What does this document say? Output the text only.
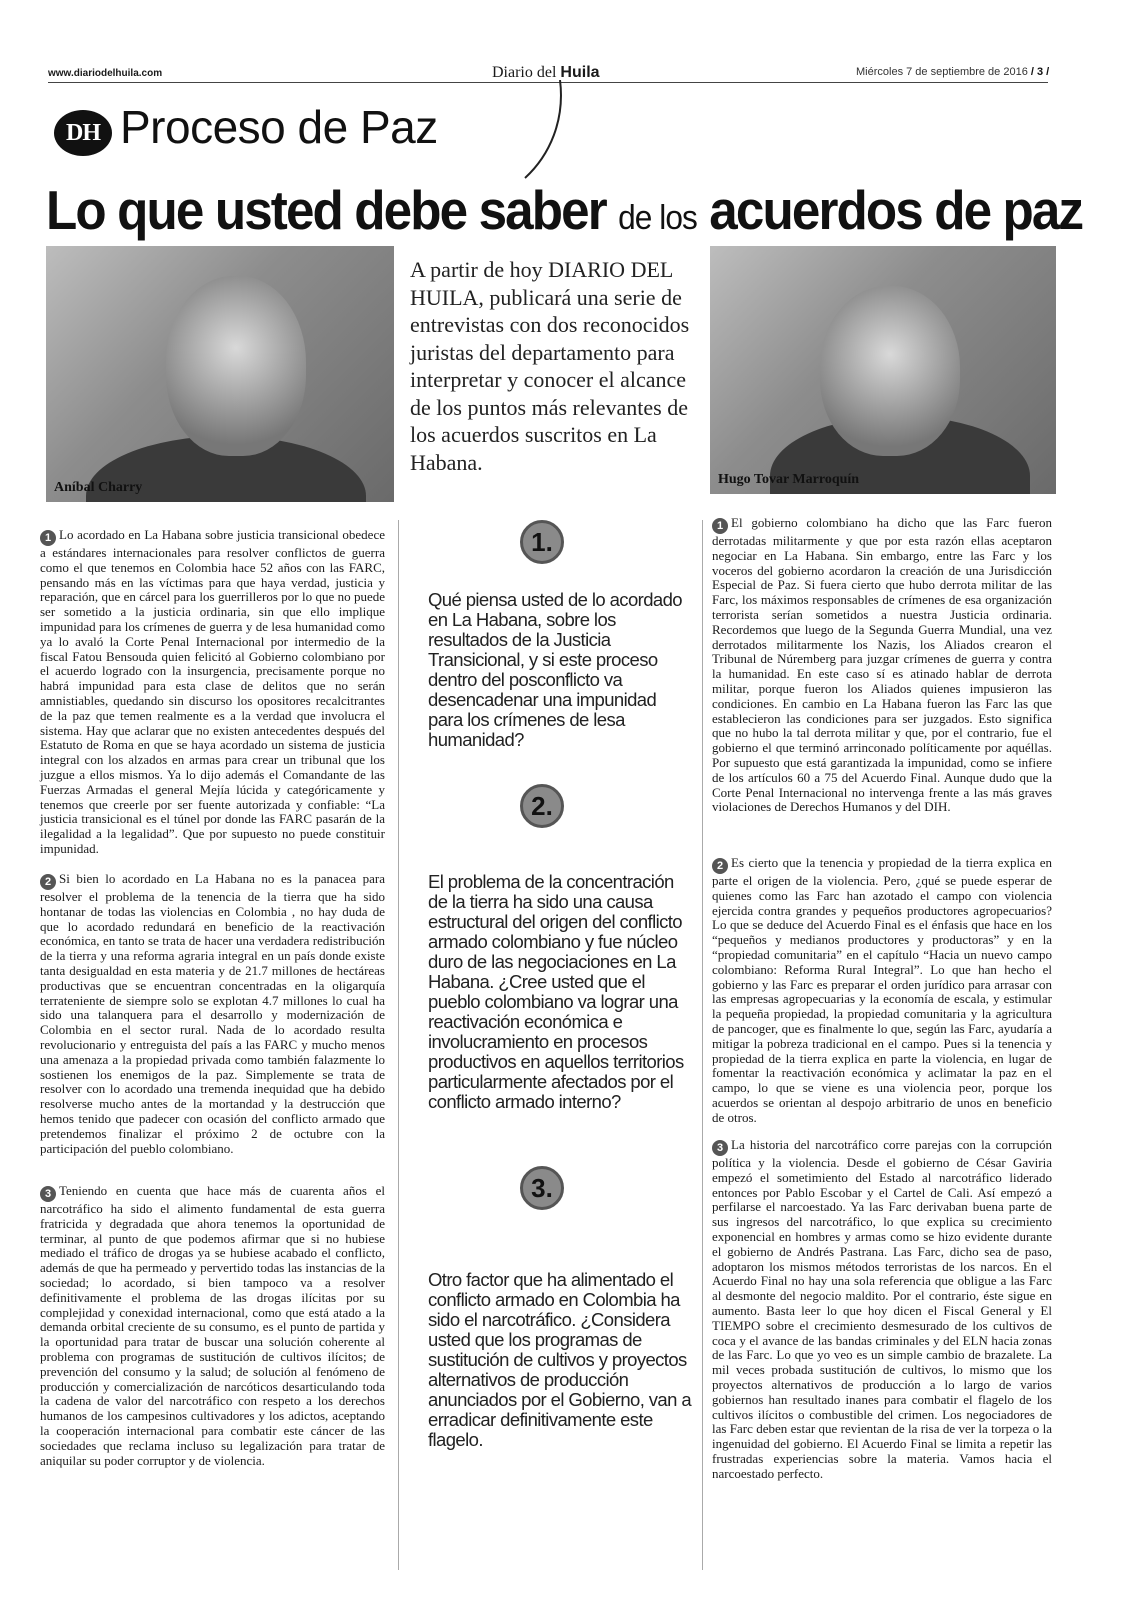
www.diariodelhuila.com	Diario del Huila	Miércoles 7 de septiembre de 2016 / 3 /
DH Proceso de Paz
Lo que usted debe saber de los acuerdos de paz
Aníbal Charry
Hugo Tovar Marroquín
A partir de hoy DIARIO DEL HUILA, publicará una serie de entrevistas con dos reconocidos juristas del departamento para interpretar y conocer el alcance de los puntos más relevantes de los acuerdos suscritos en La Habana.
1 Lo acordado en La Habana sobre justicia transicional obedece a estándares internacionales para resolver conflictos de guerra como el que tenemos en Colombia hace 52 años con las FARC, pensando más en las víctimas para que haya verdad, justicia y reparación, que en cárcel para los guerrilleros por lo que no puede ser sometido a la justicia ordinaria, sin que ello implique impunidad para los crímenes de guerra y de lesa humanidad como ya lo avaló la Corte Penal Internacional por intermedio de la fiscal Fatou Bensouda quien felicitó al Gobierno colombiano por el acuerdo logrado con la insurgencia, precisamente porque no habrá impunidad para esta clase de delitos que no serán amnistiables, quedando sin discurso los opositores recalcitrantes de la paz que temen realmente es a la verdad que involucra el sistema. Hay que aclarar que no existen antecedentes después del Estatuto de Roma en que se haya acordado un sistema de justicia integral con los alzados en armas para crear un tribunal que los juzgue a ellos mismos. Ya lo dijo además el Comandante de las Fuerzas Armadas el general Mejía lúcida y categóricamente y tenemos que creerle por ser fuente autorizada y confiable: “La justicia transicional es el túnel por donde las FARC pasarán de la ilegalidad a la legalidad”. Que por supuesto no puede constituir impunidad.
2 Si bien lo acordado en La Habana no es la panacea para resolver el problema de la tenencia de la tierra que ha sido hontanar de todas las violencias en Colombia , no hay duda de que lo acordado redundará en beneficio de la reactivación económica, en tanto se trata de hacer una verdadera redistribución de la tierra y una reforma agraria integral en un país donde existe tanta desigualdad en esta materia y de 21.7 millones de hectáreas productivas que se encuentran concentradas en la oligarquía terrateniente de siempre solo se explotan 4.7 millones lo cual ha sido una talanquera para el desarrollo y modernización de Colombia en el sector rural. Nada de lo acordado resulta revolucionario y entreguista del país a las FARC y mucho menos una amenaza a la propiedad privada como también falazmente lo sostienen los enemigos de la paz. Simplemente se trata de resolver con lo acordado una tremenda inequidad que ha debido resolverse mucho antes de la mortandad y la destrucción que hemos tenido que padecer con ocasión del conflicto armado que pretendemos finalizar el próximo 2 de octubre con la participación del pueblo colombiano.
3 Teniendo en cuenta que hace más de cuarenta años el narcotráfico ha sido el alimento fundamental de esta guerra fratricida y degradada que ahora tenemos la oportunidad de terminar, al punto de que podemos afirmar que si no hubiese mediado el tráfico de drogas ya se hubiese acabado el conflicto, además de que ha permeado y pervertido todas las instancias de la sociedad; lo acordado, si bien tampoco va a resolver definitivamente el problema de las drogas ilícitas por su complejidad y conexidad internacional, como que está atado a la demanda orbital creciente de su consumo, es el punto de partida y la oportunidad para tratar de buscar una solución coherente al problema con programas de sustitución de cultivos ilícitos; de prevención del consumo y la salud; de solución al fenómeno de producción y comercialización de narcóticos desarticulando toda la cadena de valor del narcotráfico con respeto a los derechos humanos de los campesinos cultivadores y los adictos, aceptando la cooperación internacional para combatir este cáncer de las sociedades que reclama incluso su legalización para tratar de aniquilar su poder corruptor y de violencia.
1.
Qué piensa usted de lo acordado en La Habana, sobre los resultados de la Justicia Transicional, y si este proceso dentro del posconflicto va desencadenar una impunidad para los crímenes de lesa humanidad?
2.
El problema de la concentración de la tierra ha sido una causa estructural del origen del conflicto armado colombiano y fue núcleo duro de las negociaciones en La Habana. ¿Cree usted que el pueblo colombiano va lograr una reactivación económica e involucramiento en procesos productivos en aquellos territorios particularmente afectados por el conflicto armado interno?
3.
Otro factor que ha alimentado el conflicto armado en Colombia ha sido el narcotráfico. ¿Considera usted que los programas de sustitución de cultivos y proyectos alternativos de producción anunciados por el Gobierno, van a erradicar definitivamente este flagelo.
1 El gobierno colombiano ha dicho que las Farc fueron derrotadas militarmente y que por esta razón ellas aceptaron negociar en La Habana. Sin embargo, entre las Farc y los voceros del gobierno acordaron la creación de una Jurisdicción Especial de Paz. Si fuera cierto que hubo derrota militar de las Farc, los máximos responsables de crímenes de esa organización terrorista serían sometidos a nuestra Justicia ordinaria. Recordemos que luego de la Segunda Guerra Mundial, una vez derrotados militarmente los Nazis, los Aliados crearon el Tribunal de Núremberg para juzgar crímenes de guerra y contra la humanidad. En este caso sí es atinado hablar de derrota militar, porque fueron los Aliados quienes impusieron las condiciones. En cambio en La Habana fueron las Farc las que establecieron las condiciones para ser juzgados. Esto significa que no hubo la tal derrota militar y que, por el contrario, fue el gobierno el que terminó arrinconado políticamente por aquéllas. Por supuesto que está garantizada la impunidad, como se infiere de los artículos 60 a 75 del Acuerdo Final. Aunque dudo que la Corte Penal Internacional no intervenga frente a las más graves violaciones de Derechos Humanos y del DIH.
2 Es cierto que la tenencia y propiedad de la tierra explica en parte el origen de la violencia. Pero, ¿qué se puede esperar de quienes como las Farc han azotado el campo con violencia ejercida contra grandes y pequeños productores agropecuarios? Lo que se deduce del Acuerdo Final es el énfasis que hace en los “pequeños y medianos productores y productoras” y en la “propiedad comunitaria” en el capítulo “Hacia un nuevo campo colombiano: Reforma Rural Integral”. Lo que han hecho el gobierno y las Farc es preparar el orden jurídico para arrasar con las empresas agropecuarias y la economía de escala, y estimular la pequeña propiedad, la propiedad comunitaria y la agricultura de pancoger, que es finalmente lo que, según las Farc, ayudaría a mitigar la pobreza tradicional en el campo. Pues si la tenencia y propiedad de la tierra explica en parte la violencia, en lugar de fomentar la reactivación económica y aclimatar la paz en el campo, lo que se viene es una violencia peor, porque los acuerdos se orientan al despojo arbitrario de unos en beneficio de otros.
3 La historia del narcotráfico corre parejas con la corrupción política y la violencia. Desde el gobierno de César Gaviria empezó el sometimiento del Estado al narcotráfico liderado entonces por Pablo Escobar y el Cartel de Cali. Así empezó a perfilarse el narcoestado. Ya las Farc derivaban buena parte de sus ingresos del narcotráfico, lo que explica su crecimiento exponencial en hombres y armas como se hizo evidente durante el gobierno de Andrés Pastrana. Las Farc, dicho sea de paso, adoptaron los mismos métodos terroristas de los narcos. En el Acuerdo Final no hay una sola referencia que obligue a las Farc al desmonte del negocio maldito. Por el contrario, éste sigue en aumento. Basta leer lo que hoy dicen el Fiscal General y El TIEMPO sobre el crecimiento desmesurado de los cultivos de coca y el avance de las bandas criminales y del ELN hacia zonas de las Farc. Lo que yo veo es un simple cambio de brazalete. La mil veces probada sustitución de cultivos, lo mismo que los proyectos alternativos de producción a lo largo de varios gobiernos han resultado inanes para combatir el flagelo de los cultivos ilícitos o combustible del crimen. Los negociadores de las Farc deben estar que revientan de la risa de ver la torpeza o la ingenuidad del gobierno. El Acuerdo Final se limita a repetir las frustradas experiencias sobre la materia. Vamos hacia el narcoestado perfecto.
